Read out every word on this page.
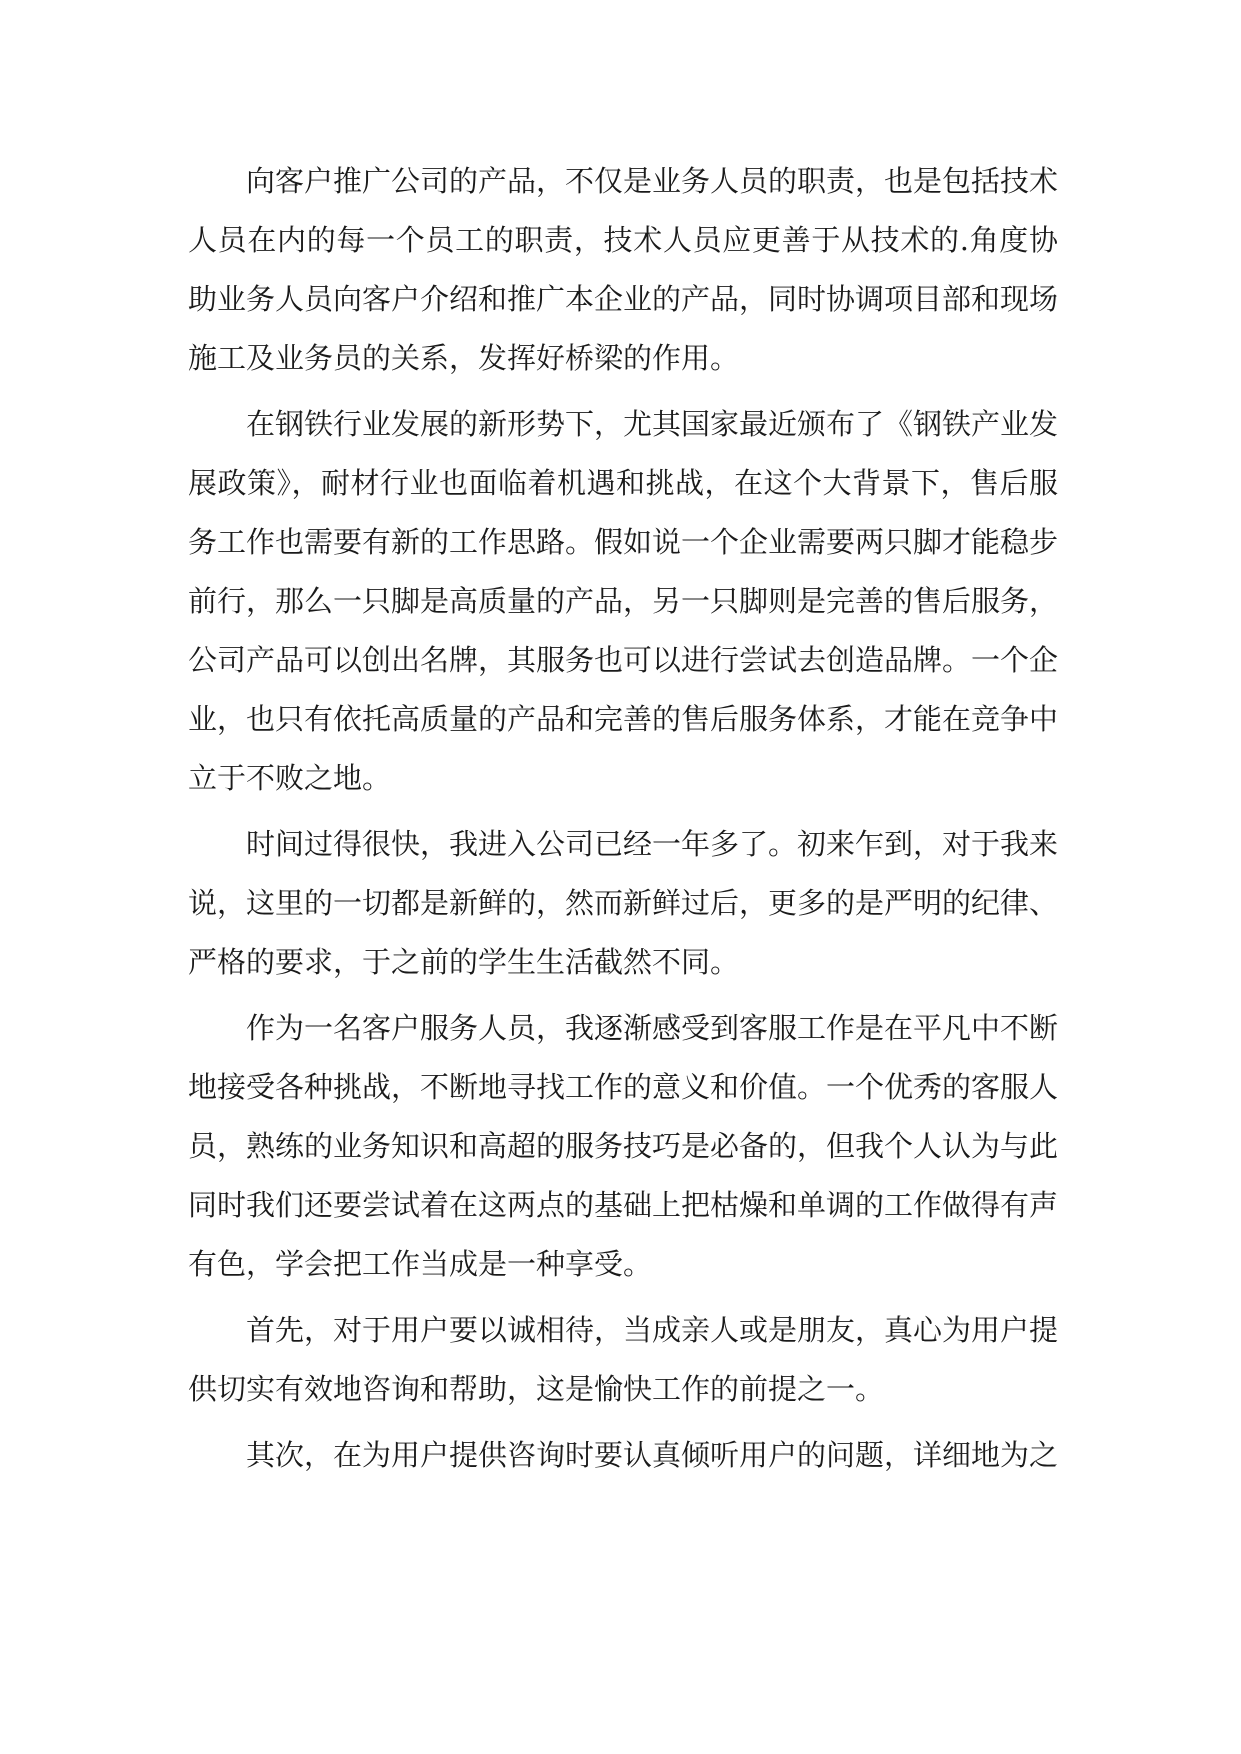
向客户推广公司的产品，不仅是业务人员的职责，也是包括技术人员在内的每一个员工的职责，技术人员应更善于从技术的.角度协助业务人员向客户介绍和推广本企业的产品，同时协调项目部和现场施工及业务员的关系，发挥好桥梁的作用。

在钢铁行业发展的新形势下，尤其国家最近颁布了《钢铁产业发展政策》，耐材行业也面临着机遇和挑战，在这个大背景下，售后服务工作也需要有新的工作思路。假如说一个企业需要两只脚才能稳步前行，那么一只脚是高质量的产品，另一只脚则是完善的售后服务，公司产品可以创出名牌，其服务也可以进行尝试去创造品牌。一个企业，也只有依托高质量的产品和完善的售后服务体系，才能在竞争中立于不败之地。

时间过得很快，我进入公司已经一年多了。初来乍到，对于我来说，这里的一切都是新鲜的，然而新鲜过后，更多的是严明的纪律、严格的要求，于之前的学生生活截然不同。

作为一名客户服务人员，我逐渐感受到客服工作是在平凡中不断地接受各种挑战，不断地寻找工作的意义和价值。一个优秀的客服人员，熟练的业务知识和高超的服务技巧是必备的，但我个人认为与此同时我们还要尝试着在这两点的基础上把枯燥和单调的工作做得有声有色，学会把工作当成是一种享受。

首先，对于用户要以诚相待，当成亲人或是朋友，真心为用户提供切实有效地咨询和帮助，这是愉快工作的前提之一。

其次，在为用户提供咨询时要认真倾听用户的问题，详细地为之
